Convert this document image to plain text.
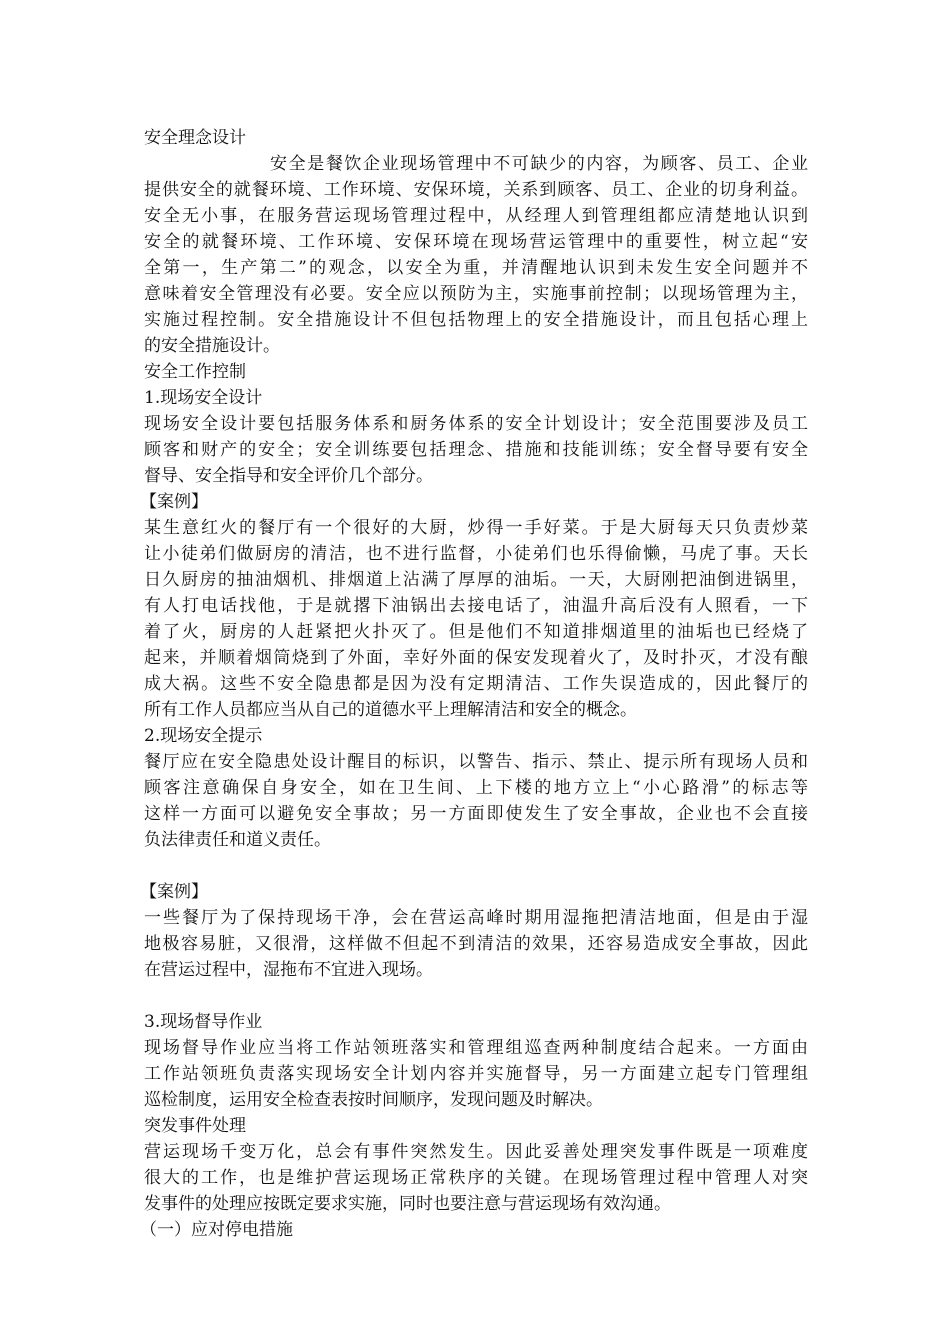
安全理念设计
安全是餐饮企业现场管理中不可缺少的内容，为顾客、员工、企业
提供安全的就餐环境、工作环境、安保环境，关系到顾客、员工、企业的切身利益。
安全无小事，在服务营运现场管理过程中，从经理人到管理组都应清楚地认识到
安全的就餐环境、工作环境、安保环境在现场营运管理中的重要性，树立起“安
全第一，生产第二”的观念，以安全为重，并清醒地认识到未发生安全问题并不
意味着安全管理没有必要。安全应以预防为主，实施事前控制；以现场管理为主，
实施过程控制。安全措施设计不但包括物理上的安全措施设计，而且包括心理上
的安全措施设计。
安全工作控制
1.现场安全设计
现场安全设计要包括服务体系和厨务体系的安全计划设计；安全范围要涉及员工
顾客和财产的安全；安全训练要包括理念、措施和技能训练；安全督导要有安全
督导、安全指导和安全评价几个部分。
【案例】
某生意红火的餐厅有一个很好的大厨，炒得一手好菜。于是大厨每天只负责炒菜
让小徒弟们做厨房的清洁，也不进行监督，小徒弟们也乐得偷懒，马虎了事。天长
日久厨房的抽油烟机、排烟道上沾满了厚厚的油垢。一天，大厨刚把油倒进锅里，
有人打电话找他，于是就撂下油锅出去接电话了，油温升高后没有人照看，一下
着了火，厨房的人赶紧把火扑灭了。但是他们不知道排烟道里的油垢也已经烧了
起来，并顺着烟筒烧到了外面，幸好外面的保安发现着火了，及时扑灭，才没有酿
成大祸。这些不安全隐患都是因为没有定期清洁、工作失误造成的，因此餐厅的
所有工作人员都应当从自己的道德水平上理解清洁和安全的概念。
2.现场安全提示
餐厅应在安全隐患处设计醒目的标识，以警告、指示、禁止、提示所有现场人员和
顾客注意确保自身安全，如在卫生间、上下楼的地方立上“小心路滑”的标志等
这样一方面可以避免安全事故；另一方面即使发生了安全事故，企业也不会直接
负法律责任和道义责任。
【案例】
一些餐厅为了保持现场干净，会在营运高峰时期用湿拖把清洁地面，但是由于湿
地极容易脏，又很滑，这样做不但起不到清洁的效果，还容易造成安全事故，因此
在营运过程中，湿拖布不宜进入现场。
3.现场督导作业
现场督导作业应当将工作站领班落实和管理组巡查两种制度结合起来。一方面由
工作站领班负责落实现场安全计划内容并实施督导，另一方面建立起专门管理组
巡检制度，运用安全检查表按时间顺序，发现问题及时解决。
突发事件处理
营运现场千变万化，总会有事件突然发生。因此妥善处理突发事件既是一项难度
很大的工作，也是维护营运现场正常秩序的关键。在现场管理过程中管理人对突
发事件的处理应按既定要求实施，同时也要注意与营运现场有效沟通。
（一）应对停电措施
